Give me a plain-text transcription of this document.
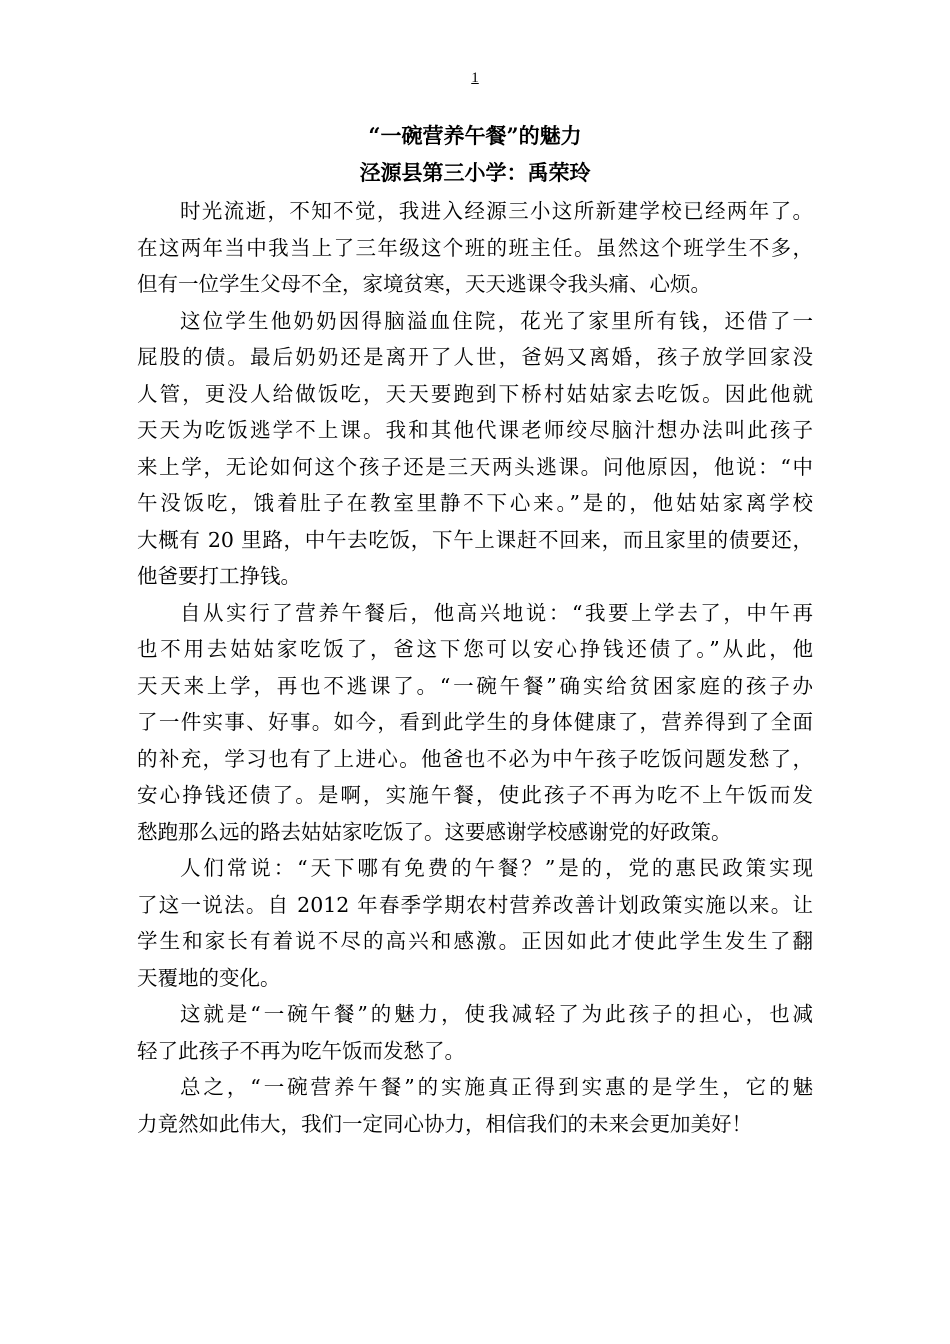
1
“一碗营养午餐”的魅力
泾源县第三小学：禹荣玲

时光流逝，不知不觉，我进入经源三小这所新建学校已经两年了。
在这两年当中我当上了三年级这个班的班主任。虽然这个班学生不多，
但有一位学生父母不全，家境贫寒，天天逃课令我头痛、心烦。

这位学生他奶奶因得脑溢血住院，花光了家里所有钱，还借了一
屁股的债。最后奶奶还是离开了人世，爸妈又离婚，孩子放学回家没
人管，更没人给做饭吃，天天要跑到下桥村姑姑家去吃饭。因此他就
天天为吃饭逃学不上课。我和其他代课老师绞尽脑汁想办法叫此孩子
来上学，无论如何这个孩子还是三天两头逃课。问他原因，他说：“中
午没饭吃，饿着肚子在教室里静不下心来。”是的，他姑姑家离学校
大概有 20 里路，中午去吃饭，下午上课赶不回来，而且家里的债要还，
他爸要打工挣钱。

自从实行了营养午餐后，他高兴地说：“我要上学去了，中午再
也不用去姑姑家吃饭了，爸这下您可以安心挣钱还债了。”从此，他
天天来上学，再也不逃课了。“一碗午餐”确实给贫困家庭的孩子办
了一件实事、好事。如今，看到此学生的身体健康了，营养得到了全面
的补充，学习也有了上进心。他爸也不必为中午孩子吃饭问题发愁了，
安心挣钱还债了。是啊，实施午餐，使此孩子不再为吃不上午饭而发
愁跑那么远的路去姑姑家吃饭了。这要感谢学校感谢党的好政策。

人们常说：“天下哪有免费的午餐？”是的，党的惠民政策实现
了这一说法。自 2012 年春季学期农村营养改善计划政策实施以来。让
学生和家长有着说不尽的高兴和感激。正因如此才使此学生发生了翻
天覆地的变化。

这就是“一碗午餐”的魅力，使我减轻了为此孩子的担心，也减
轻了此孩子不再为吃午饭而发愁了。

总之，“一碗营养午餐”的实施真正得到实惠的是学生，它的魅
力竟然如此伟大，我们一定同心协力，相信我们的未来会更加美好！
